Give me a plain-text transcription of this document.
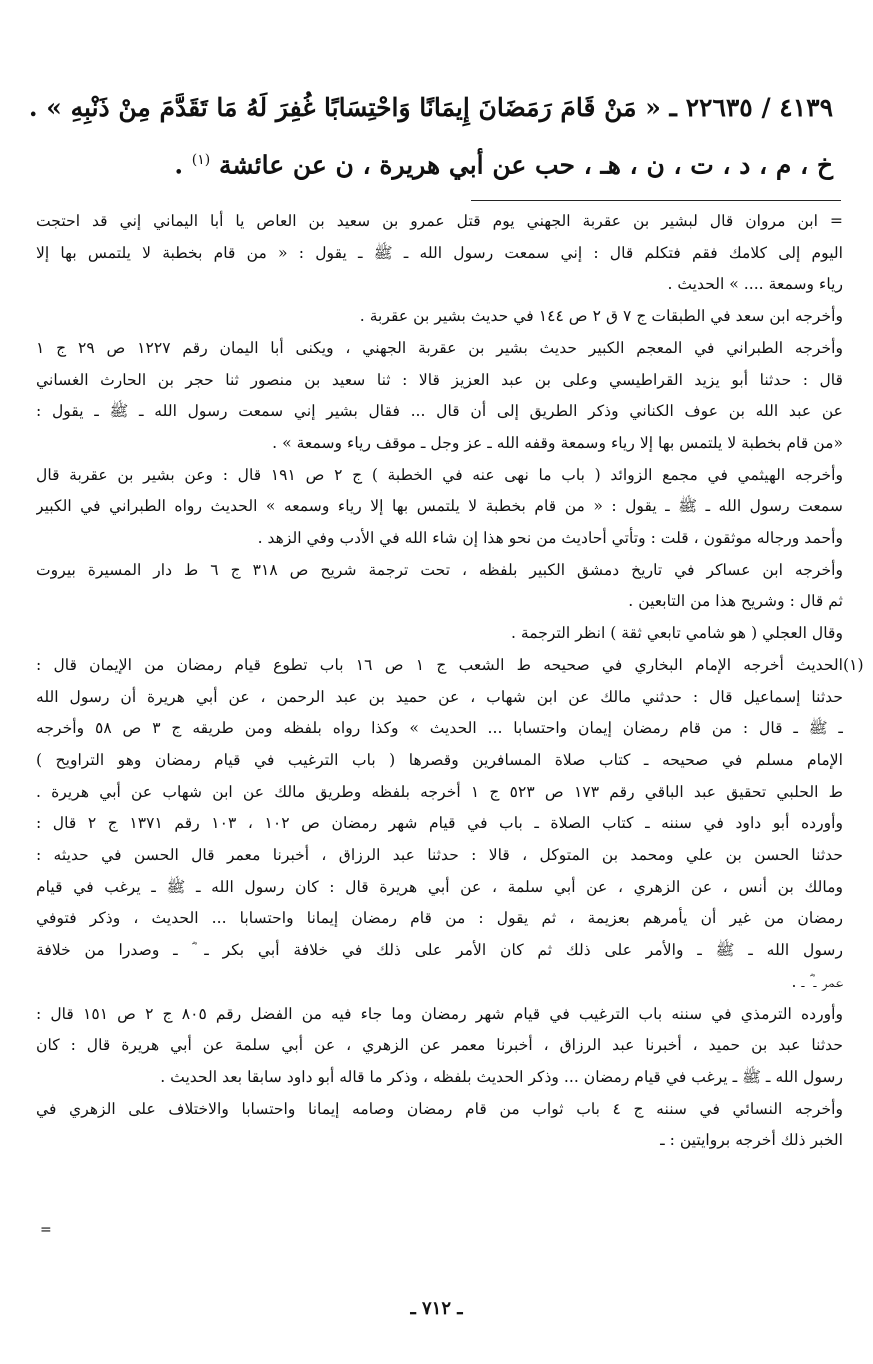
٤١٣٩ / ٢٢٦٣٥ ـ « مَنْ قَامَ رَمَضَانَ إِيمَانًا وَاحْتِسَابًا غُفِرَ لَهُ مَا تَقَدَّمَ مِنْ ذَنْبِهِ » .
خ ، م ، د ، ت ، ن ، هـ ، حب عن أبي هريرة ، ن عن عائشة $^{(١)}$ .
= ابن مروان قال لبشير بن عقربة الجهني يوم قتل عمرو بن سعيد بن العاص يا أبا اليماني إني قد احتجت
اليوم إلى كلامك فقم فتكلم قال : إني سمعت رسول الله ـ ﷺ ـ يقول : « من قام بخطبة لا يلتمس بها إلا
رياء وسمعة .... » الحديث .
وأخرجه ابن سعد في الطبقات ج ٧ ق ٢ ص ١٤٤ في حديث بشير بن عقربة .
وأخرجه الطبراني في المعجم الكبير حديث بشير بن عقربة الجهني ، ويكنى أبا اليمان رقم ١٢٢٧ ص ٢٩ ج ١
قال : حدثنا أبو يزيد القراطيسي وعلى بن عبد العزيز قالا : ثنا سعيد بن منصور ثنا حجر بن الحارث الغساني
عن عبد الله بن عوف الكناني وذكر الطريق إلى أن قال ... فقال بشير إني سمعت رسول الله ـ ﷺ ـ يقول :
«من قام بخطبة لا يلتمس بها إلا رياء وسمعة وقفه الله ـ عز وجل ـ موقف رياء وسمعة » .
وأخرجه الهيثمي في مجمع الزوائد ( باب ما نهى عنه في الخطبة ) ج ٢ ص ١٩١ قال : وعن بشير بن عقربة قال
سمعت رسول الله ـ ﷺ ـ يقول : « من قام بخطبة لا يلتمس بها إلا رياء وسمعه » الحديث رواه الطبراني في الكبير
وأحمد ورجاله موثقون ، قلت : وتأتي أحاديث من نحو هذا إن شاء الله في الأدب وفي الزهد .
وأخرجه ابن عساكر في تاريخ دمشق الكبير بلفظه ، تحت ترجمة شريح ص ٣١٨ ج ٦ ط دار المسيرة بيروت
ثم قال : وشريح هذا من التابعين .
وقال العجلي ( هو شامي تابعي ثقة ) انظر الترجمة .
(١)
الحديث أخرجه الإمام البخاري في صحيحه ط الشعب ج ١ ص ١٦ باب تطوع قيام رمضان من الإيمان قال :
حدثنا إسماعيل قال : حدثني مالك عن ابن شهاب ، عن حميد بن عبد الرحمن ، عن أبي هريرة أن رسول الله
ـ ﷺ ـ قال : من قام رمضان إيمان واحتسابا ... الحديث » وكذا رواه بلفظه ومن طريقه ج ٣ ص ٥٨ وأخرجه
الإمام مسلم في صحيحه ـ كتاب صلاة المسافرين وقصرها ( باب الترغيب في قيام رمضان وهو التراويح )
ط الحلبي تحقيق عبد الباقي رقم ١٧٣ ص ٥٢٣ ج ١ أخرجه بلفظه وطريق مالك عن ابن شهاب عن أبي هريرة .
وأورده أبو داود في سننه ـ كتاب الصلاة ـ باب في قيام شهر رمضان ص ١٠٢ ، ١٠٣ رقم ١٣٧١ ج ٢ قال :
حدثنا الحسن بن علي ومحمد بن المتوكل ، قالا : حدثنا عبد الرزاق ، أخبرنا معمر قال الحسن في حديثه :
ومالك بن أنس ، عن الزهري ، عن أبي سلمة ، عن أبي هريرة قال : كان رسول الله ـ ﷺ ـ يرغب في قيام
رمضان من غير أن يأمرهم بعزيمة ، ثم يقول : من قام رمضان إيمانا واحتسابا ... الحديث ، وذكر فتوفي
رسول الله ـ ﷺ ـ والأمر على ذلك ثم كان الأمر على ذلك في خلافة أبي بكر ـ ؓ ـ وصدرا من خلافة
عمر ـ ؓ ـ .
وأورده الترمذي في سننه باب الترغيب في قيام شهر رمضان وما جاء فيه من الفضل رقم ٨٠٥ ج ٢ ص ١٥١ قال :
حدثنا عبد بن حميد ، أخبرنا عبد الرزاق ، أخبرنا معمر عن الزهري ، عن أبي سلمة عن أبي هريرة قال : كان
رسول الله ـ ﷺ ـ يرغب في قيام رمضان ... وذكر الحديث بلفظه ، وذكر ما قاله أبو داود سابقا بعد الحديث .
وأخرجه النسائي في سننه ج ٤ باب ثواب من قام رمضان وصامه إيمانا واحتسابا والاختلاف على الزهري في
الخبر ذلك أخرجه بروايتين : ـ
=
ـ ٧١٢ ـ
